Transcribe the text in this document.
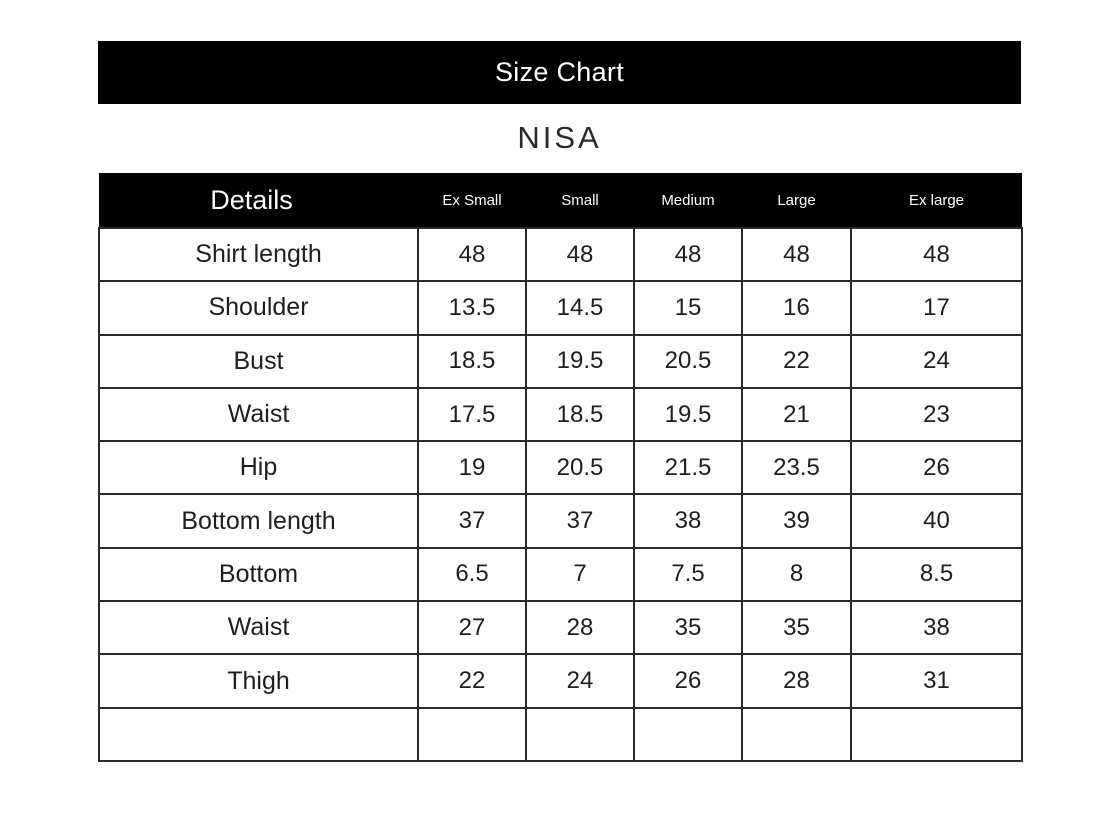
Size Chart
NISA
Details	Ex Small	Small	Medium	Large	Ex large
Shirt length	48	48	48	48	48
Shoulder	13.5	14.5	15	16	17
Bust	18.5	19.5	20.5	22	24
Waist	17.5	18.5	19.5	21	23
Hip	19	20.5	21.5	23.5	26
Bottom length	37	37	38	39	40
Bottom	6.5	7	7.5	8	8.5
Waist	27	28	35	35	38
Thigh	22	24	26	28	31
